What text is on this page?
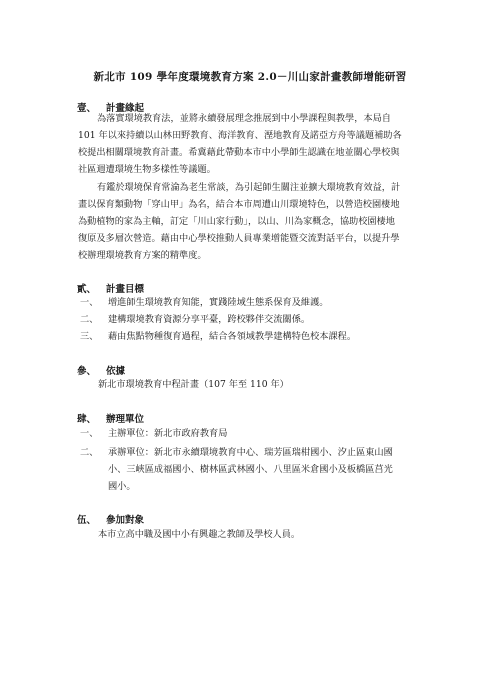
新北市 109 學年度環境教育方案 2.0－川山家計畫教師增能研習
壹、 計畫緣起
為落實環境教育法，並將永續發展理念推展到中小學課程與教學，本局自
101 年以來持續以山林田野教育、海洋教育、溼地教育及諾亞方舟等議題補助各
校提出相關環境教育計畫。希冀藉此帶動本市中小學師生認識在地並關心學校與
社區週遭環境生物多樣性等議題。
有鑑於環境保育常淪為老生常談，為引起師生關注並擴大環境教育效益，計
畫以保育類動物「穿山甲」為名，結合本市周遭山川環境特色，以營造校園棲地
為動植物的家為主軸，訂定「川山家行動」，以山、川為家概念，協助校園棲地
復原及多層次營造。藉由中心學校推動人員專業增能暨交流對話平台，以提升學
校辦理環境教育方案的精準度。
貳、 計畫目標
一、 增進師生環境教育知能，實踐陸域生態系保育及維護。
二、 建構環境教育資源分享平臺，跨校夥伴交流關係。
三、 藉由焦點物種復育過程，結合各領域教學建構特色校本課程。
參、 依據
新北市環境教育中程計畫（107 年至 110 年）
肆、 辦理單位
一、 主辦單位：新北市政府教育局
二、 承辦單位：新北市永續環境教育中心、瑞芳區瑞柑國小、汐止區東山國
小、三峽區成福國小、樹林區武林國小、八里區米倉國小及板橋區莒光
國小。
伍、 參加對象
本市立高中職及國中小有興趣之教師及學校人員。
